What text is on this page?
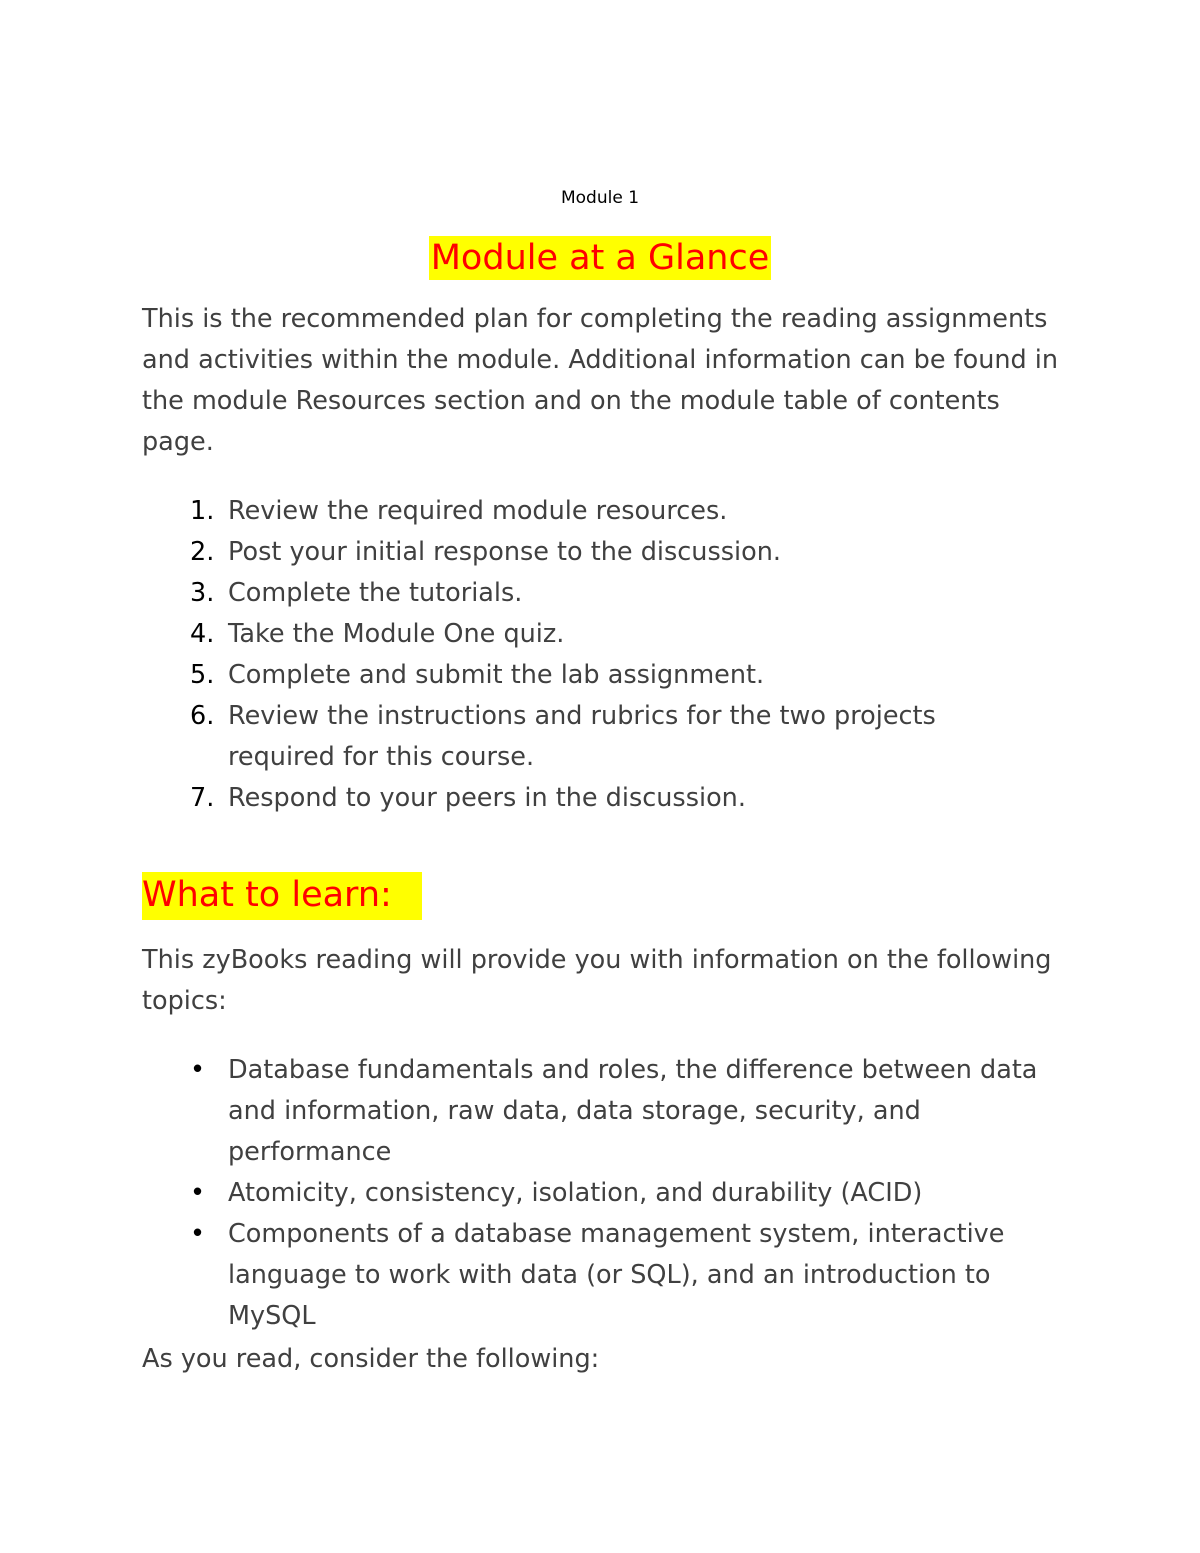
Module 1
Module at a Glance

This is the recommended plan for completing the reading assignments and activities within the module. Additional information can be found in the module Resources section and on the module table of contents page.

1. Review the required module resources.
2. Post your initial response to the discussion.
3. Complete the tutorials.
4. Take the Module One quiz.
5. Complete and submit the lab assignment.
6. Review the instructions and rubrics for the two projects required for this course.
7. Respond to your peers in the discussion.
What to learn:

This zyBooks reading will provide you with information on the following topics:

• Database fundamentals and roles, the difference between data and information, raw data, data storage, security, and performance
• Atomicity, consistency, isolation, and durability (ACID)
• Components of a database management system, interactive language to work with data (or SQL), and an introduction to MySQL

As you read, consider the following:
